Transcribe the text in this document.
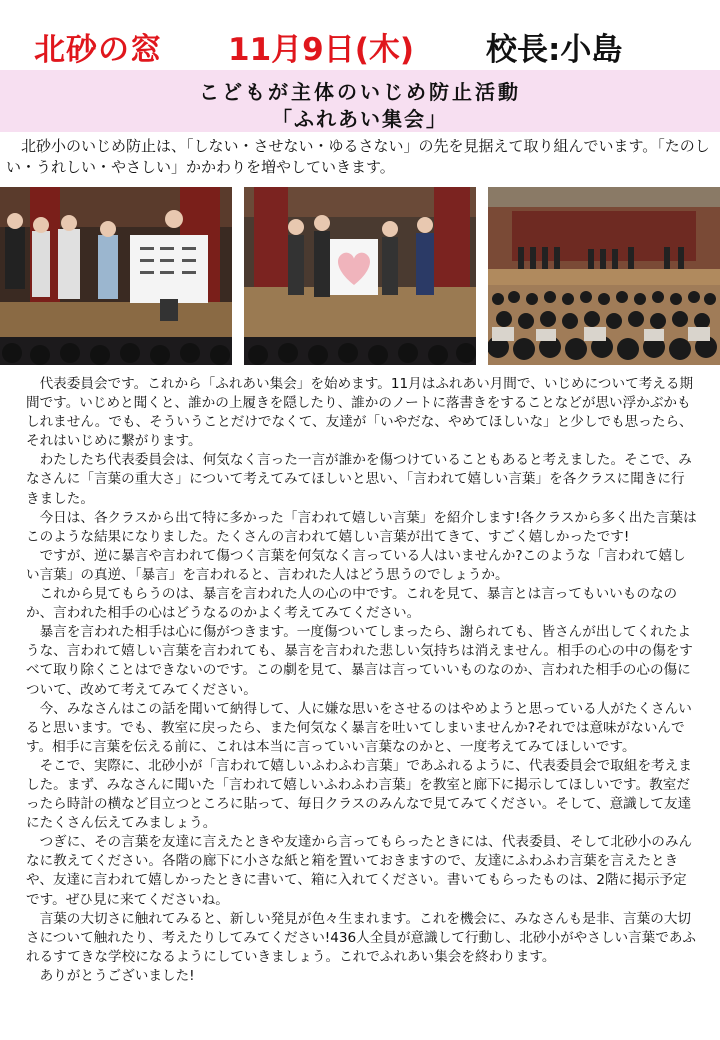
北砂の窓 11月9日(木) 校長:小島
こどもが主体のいじめ防止活動
「ふれあい集会」

北砂小のいじめ防止は、「しない・させない・ゆるさない」の先を見据えて取り組んでいます。「たのしい・うれしい・やさしい」かかわりを増やしていきます。

代表委員会です。これから「ふれあい集会」を始めます。11月はふれあい月間で、いじめについて考える期間です。いじめと聞くと、誰かの上履きを隠したり、誰かのノートに落書きをすることなどが思い浮かぶかもしれません。でも、そういうことだけでなくて、友達が「いやだな、やめてほしいな」と少しでも思ったら、それはいじめに繋がります。

わたしたち代表委員会は、何気なく言った一言が誰かを傷つけていることもあると考えました。そこで、みなさんに「言葉の重大さ」について考えてみてほしいと思い、「言われて嬉しい言葉」を各クラスに聞きに行きました。

今日は、各クラスから出て特に多かった「言われて嬉しい言葉」を紹介します!各クラスから多く出た言葉はこのような結果になりました。たくさんの言われて嬉しい言葉が出てきて、すごく嬉しかったです!

ですが、逆に暴言や言われて傷つく言葉を何気なく言っている人はいませんか?このような「言われて嬉しい言葉」の真逆、「暴言」を言われると、言われた人はどう思うのでしょうか。

これから見てもらうのは、暴言を言われた人の心の中です。これを見て、暴言とは言ってもいいものなのか、言われた相手の心はどうなるのかよく考えてみてください。

暴言を言われた相手は心に傷がつきます。一度傷ついてしまったら、謝られても、皆さんが出してくれたような、言われて嬉しい言葉を言われても、暴言を言われた悲しい気持ちは消えません。相手の心の中の傷をすべて取り除くことはできないのです。この劇を見て、暴言は言っていいものなのか、言われた相手の心の傷について、改めて考えてみてください。

今、みなさんはこの話を聞いて納得して、人に嫌な思いをさせるのはやめようと思っている人がたくさんいると思います。でも、教室に戻ったら、また何気なく暴言を吐いてしまいませんか?それでは意味がないんです。相手に言葉を伝える前に、これは本当に言っていい言葉なのかと、一度考えてみてほしいです。

そこで、実際に、北砂小が「言われて嬉しいふわふわ言葉」であふれるように、代表委員会で取組を考えました。まず、みなさんに聞いた「言われて嬉しいふわふわ言葉」を教室と廊下に掲示してほしいです。教室だったら時計の横など目立つところに貼って、毎日クラスのみんなで見てみてください。そして、意識して友達にたくさん伝えてみましょう。

つぎに、その言葉を友達に言えたときや友達から言ってもらったときには、代表委員、そして北砂小のみんなに教えてください。各階の廊下に小さな紙と箱を置いておきますので、友達にふわふわ言葉を言えたときや、友達に言われて嬉しかったときに書いて、箱に入れてください。書いてもらったものは、2階に掲示予定です。ぜひ見に来てくださいね。

言葉の大切さに触れてみると、新しい発見が色々生まれます。これを機会に、みなさんも是非、言葉の大切さについて触れたり、考えたりしてみてください!436人全員が意識して行動し、北砂小がやさしい言葉であふれるすてきな学校になるようにしていきましょう。これでふれあい集会を終わります。

ありがとうございました!
